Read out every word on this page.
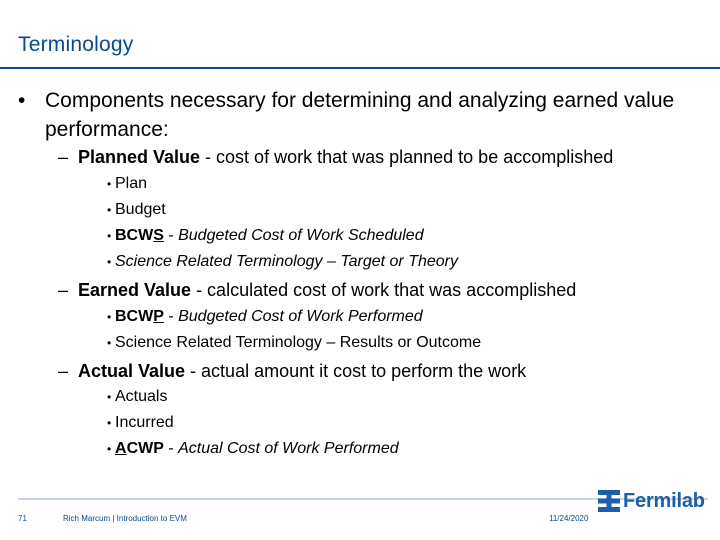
Terminology
• Components necessary for determining and analyzing earned value performance:
– Planned Value - cost of work that was planned to be accomplished
• Plan
• Budget
• BCWS - Budgeted Cost of Work Scheduled
• Science Related Terminology – Target or Theory
– Earned Value - calculated cost of work that was accomplished
• BCWP - Budgeted Cost of Work Performed
• Science Related Terminology – Results or Outcome
– Actual Value - actual amount it cost to perform the work
• Actuals
• Incurred
• ACWP - Actual Cost of Work Performed
71	Rich Marcum | Introduction to EVM	11/24/2020
Fermilab
